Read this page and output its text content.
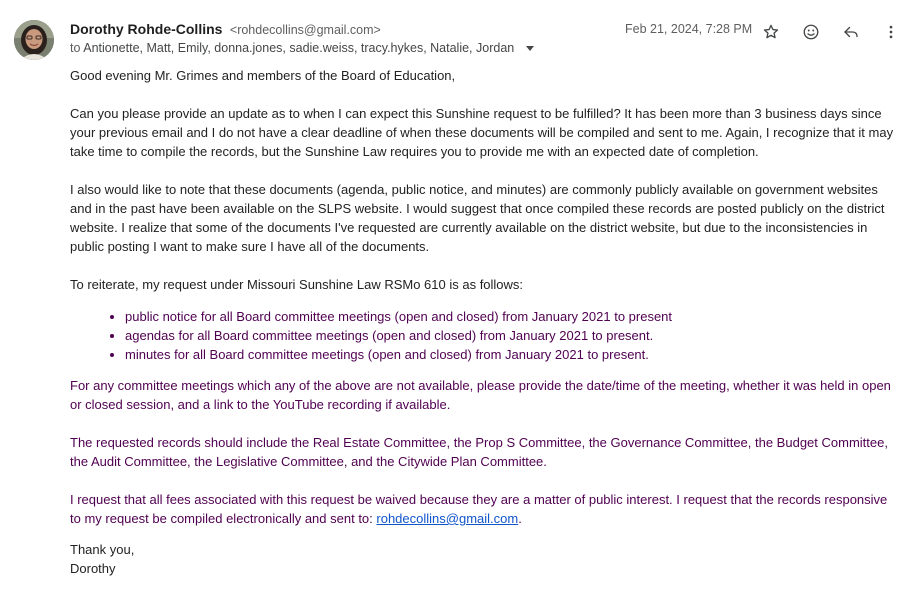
Dorothy Rohde-Collins <rohdecollins@gmail.com>
to Antionette, Matt, Emily, donna.jones, sadie.weiss, tracy.hykes, Natalie, Jordan
Feb 21, 2024, 7:28 PM

Good evening Mr. Grimes and members of the Board of Education,

Can you please provide an update as to when I can expect this Sunshine request to be fulfilled? It has been more than 3 business days since your previous email and I do not have a clear deadline of when these documents will be compiled and sent to me. Again, I recognize that it may take time to compile the records, but the Sunshine Law requires you to provide me with an expected date of completion.

I also would like to note that these documents (agenda, public notice, and minutes) are commonly publicly available on government websites and in the past have been available on the SLPS website. I would suggest that once compiled these records are posted publicly on the district website. I realize that some of the documents I've requested are currently available on the district website, but due to the inconsistencies in public posting I want to make sure I have all of the documents.

To reiterate, my request under Missouri Sunshine Law RSMo 610 is as follows:

• public notice for all Board committee meetings (open and closed) from January 2021 to present
• agendas for all Board committee meetings (open and closed) from January 2021 to present.
• minutes for all Board committee meetings (open and closed) from January 2021 to present.

For any committee meetings which any of the above are not available, please provide the date/time of the meeting, whether it was held in open or closed session, and a link to the YouTube recording if available.

The requested records should include the Real Estate Committee, the Prop S Committee, the Governance Committee, the Budget Committee, the Audit Committee, the Legislative Committee, and the Citywide Plan Committee.

I request that all fees associated with this request be waived because they are a matter of public interest. I request that the records responsive to my request be compiled electronically and sent to: rohdecollins@gmail.com.

Thank you,

Dorothy
